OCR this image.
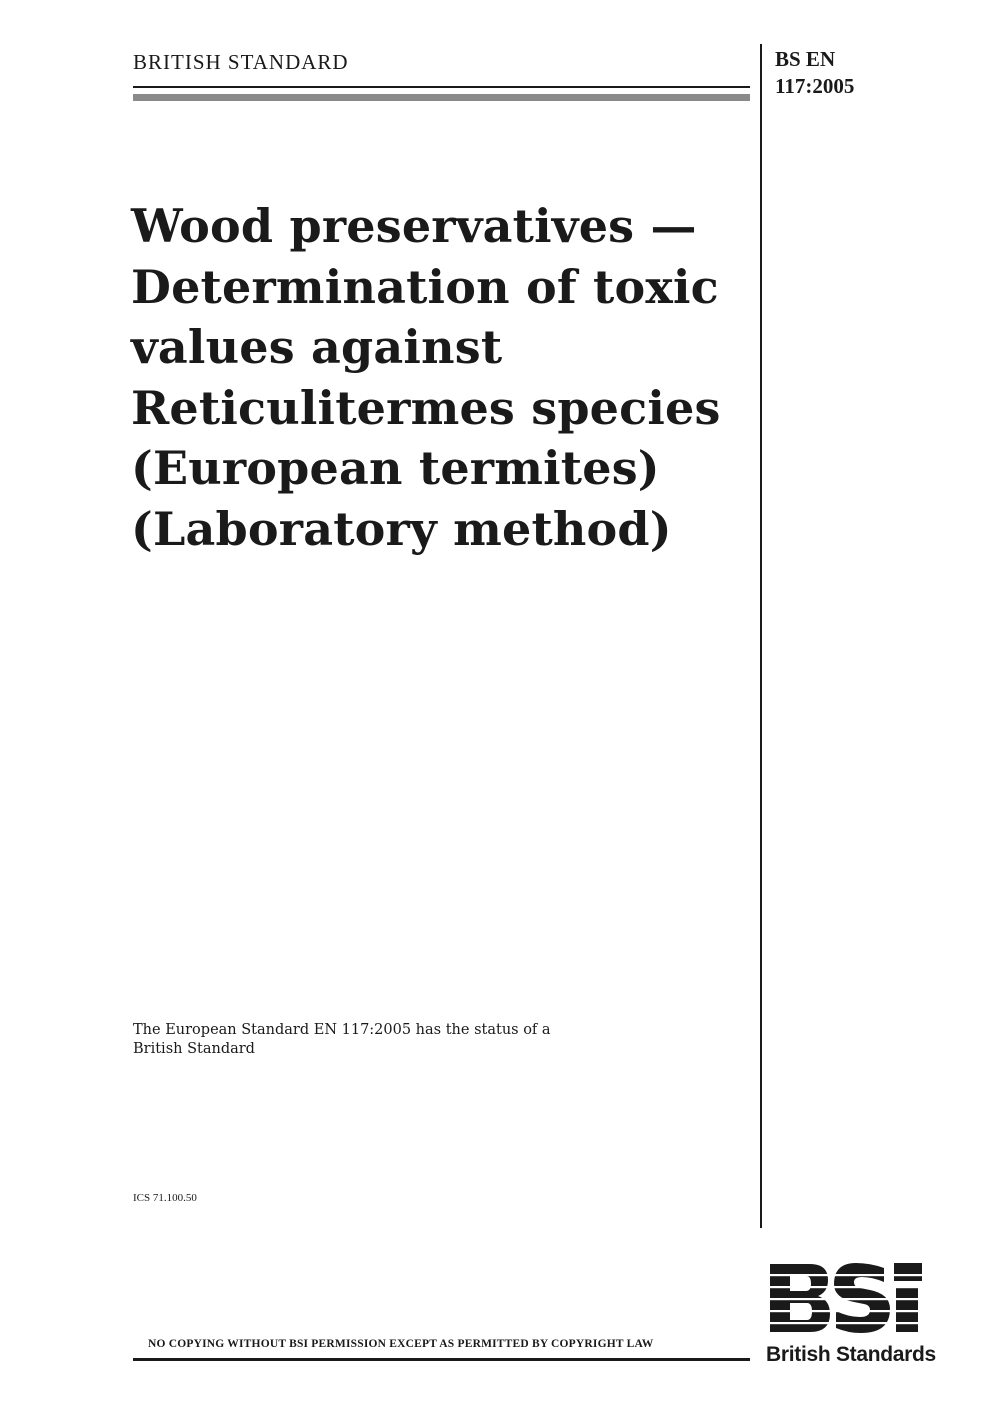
BRITISH STANDARD	BS EN
117:2005
Wood preservatives —
Determination of toxic
values against
Reticulitermes species
(European termites)
(Laboratory method)
The European Standard EN 117:2005 has the status of a
British Standard
ICS 71.100.50
British Standards
NO COPYING WITHOUT BSI PERMISSION EXCEPT AS PERMITTED BY COPYRIGHT LAW
